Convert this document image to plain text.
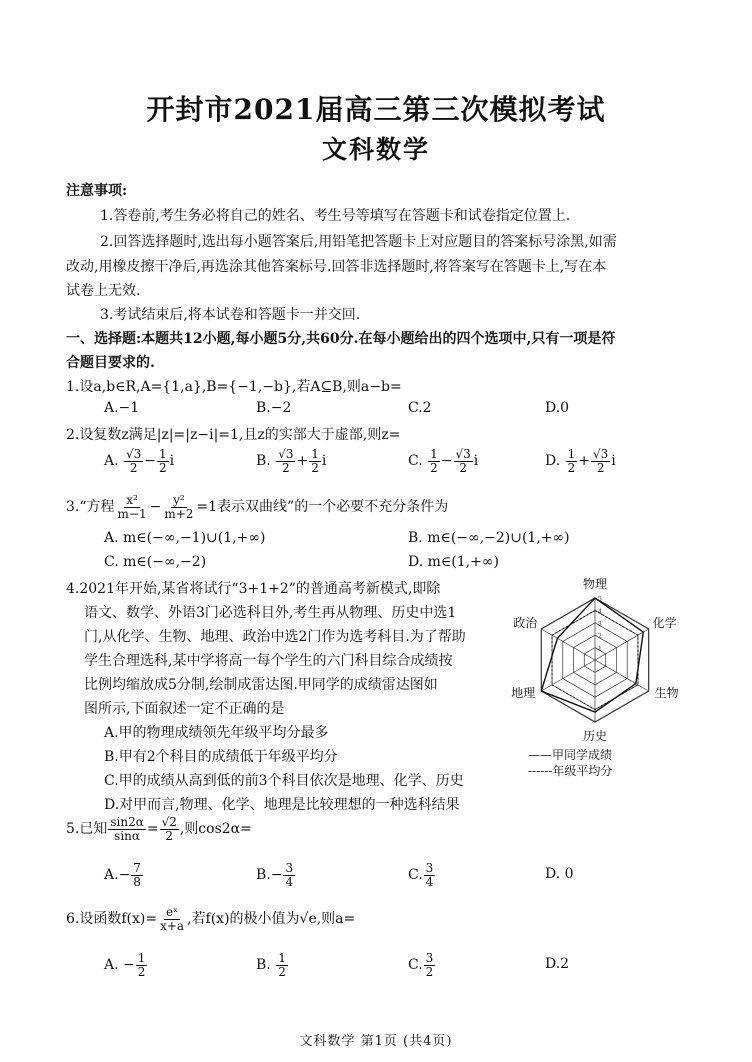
开封市2021届高三第三次模拟考试
文科数学
注意事项:
1.答卷前,考生务必将自己的姓名、考生号等填写在答题卡和试卷指定位置上.
2.回答选择题时,选出每小题答案后,用铅笔把答题卡上对应题目的答案标号涂黑,如需
改动,用橡皮擦干净后,再选涂其他答案标号.回答非选择题时,将答案写在答题卡上,写在本
试卷上无效.
3.考试结束后,将本试卷和答题卡一并交回.
一、选择题:本题共12小题,每小题5分,共60分.在每小题给出的四个选项中,只有一项是符
合题目要求的.
1.设a,b∈R,A={1,a},B={−1,−b},若A⊆B,则a−b=
A.−1	B.−2	C.2	D.0
2.设复数z满足|z|=|z−i|=1,且z的实部大于虚部,则z=
A. $\frac{√3}{2} - \frac{1}{2}$ i	B. $\frac{√3}{2} + \frac{1}{2}$ i	C. $\frac{1}{2} - \frac{√3}{2}$ i	D. $\frac{1}{2} + \frac{√3}{2}$ i
3.“方程 $\frac{\text{x²}}{m-1} - \frac{\text{y²}}{m+2} =1$表示双曲线”的一个必要不充分条件为
A. m∈(−∞,−1)∪(1,+∞)	B. m∈(−∞,−2)∪(1,+∞)
C. m∈(−∞,−2)	D. m∈(1,+∞)
4.2021年开始,某省将试行“3+1+2”的普通高考新模式,即除
语文、数学、外语3门必选科目外,考生再从物理、历史中选1
门,从化学、生物、地理、政治中选2门作为选考科目.为了帮助
学生合理选科,某中学将高一每个学生的六门科目综合成绩按
比例均缩放成5分制,绘制成雷达图.甲同学的成绩雷达图如
图所示,下面叙述一定不正确的是
A.甲的物理成绩领先年级平均分最多
B.甲有2个科目的成绩低于年级平均分
C.甲的成绩从高到低的前3个科目依次是地理、化学、历史
D.对甲而言,物理、化学、地理是比较理想的一种选科结果
物理
化学
生物
历史
地理
政治
1
2
3
4
5
——甲同学成绩
------年级平均分
5.已知 $\frac{\sin 2\alpha}{\sin\alpha} = \frac{√2}{2}$ ,则cos2α=
$A.- \frac{7}{8}$	$B.- \frac{3}{4}$	C. $\frac{3}{4}$	D. 0
6.设函数$f(x)= \frac{\text{eˣ}}{x+a}$ ,若f(x)的极小值为√e,则a=
A. − $\frac{1}{2}$	B. $\frac{1}{2}$	C. $\frac{3}{2}$	D.2
文科数学 第1页 (共4页)
